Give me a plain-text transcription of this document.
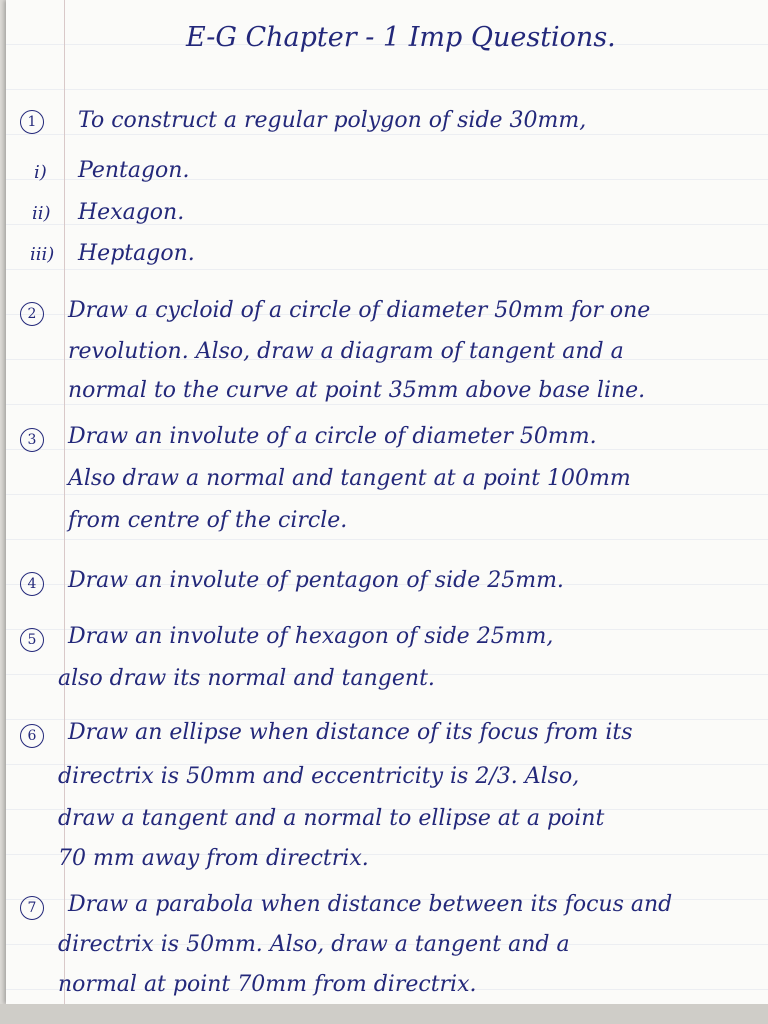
E-G Chapter - 1 Imp Questions.
1	To construct a regular polygon of side 30mm,
i) Pentagon.
ii) Hexagon.
iii) Heptagon.
2	Draw a cycloid of a circle of diameter 50mm for one
revolution. Also, draw a diagram of tangent and a
normal to the curve at point 35mm above base line.
3	Draw an involute of a circle of diameter 50mm.
Also draw a normal and tangent at a point 100mm
from centre of the circle.
4	Draw an involute of pentagon of side 25mm.
5	Draw an involute of hexagon of side 25mm,
also draw its normal and tangent.
6	Draw an ellipse when distance of its focus from its
directrix is 50mm and eccentricity is 2/3. Also,
draw a tangent and a normal to ellipse at a point
70 mm away from directrix.
7	Draw a parabola when distance between its focus and
directrix is 50mm. Also, draw a tangent and a
normal at point 70mm from directrix.
